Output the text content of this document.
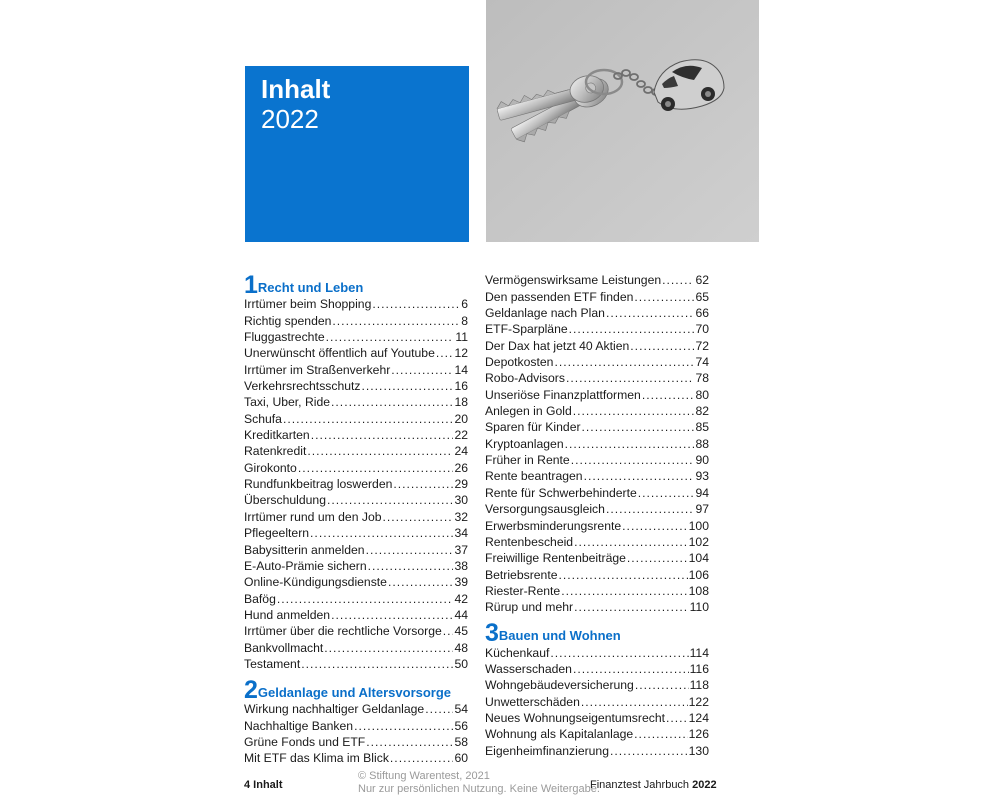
Inhalt
2022
1 Recht und Leben
Irrtümer beim Shopping .....	6
Richtig spenden .....	8
Fluggastrechte .....	11
Unerwünscht öffentlich auf Youtube ..... 12
Irrtümer im Straßenverkehr .....	14
Verkehrsrechtsschutz .....	16
Taxi, Uber, Ride .....	18
Schufa .....	20
Kreditkarten .....	22
Ratenkredit .....	24
Girokonto .....	26
Rundfunkbeitrag loswerden .....	29
Überschuldung .....	30
Irrtümer rund um den Job .....	32
Pflegeeltern .....	34
Babysitterin anmelden .....	37
E-Auto-Prämie sichern .....	38
Online-Kündigungsdienste .....	39
Bafög .....	42
Hund anmelden .....	44
Irrtümer über die rechtliche Vorsorge ..... 45
Bankvollmacht .....	48
Testament .....	50
2 Geldanlage und Altersvorsorge
Wirkung nachhaltiger Geldanlage ..... 54
Nachhaltige Banken .....	56
Grüne Fonds und ETF .....	58
Mit ETF das Klima im Blick .....	60
Vermögenswirksame Leistungen .....	62
Den passenden ETF finden .....	65
Geldanlage nach Plan .....	66
ETF-Sparpläne .....	70
Der Dax hat jetzt 40 Aktien .....	72
Depotkosten .....	74
Robo-Advisors .....	78
Unseriöse Finanzplattformen .....	80
Anlegen in Gold .....	82
Sparen für Kinder .....	85
Kryptoanlagen .....	88
Früher in Rente .....	90
Rente beantragen .....	93
Rente für Schwerbehinderte .....	94
Versorgungsausgleich .....	97
Erwerbsminderungsrente .....	100
Rentenbescheid .....	102
Freiwillige Rentenbeiträge .....	104
Betriebsrente .....	106
Riester-Rente .....	108
Rürup und mehr .....	110
3 Bauen und Wohnen
Küchenkauf .....	114
Wasserschaden .....	116
Wohngebäudeversicherung .....	118
Unwetterschäden .....	122
Neues Wohnungseigentumsrecht ..... 124
Wohnung als Kapitalanlage .....	126
Eigenheimfinanzierung .....	130
4 Inhalt
© Stiftung Warentest, 2021
Nur zur persönlichen Nutzung. Keine Weitergabe.
Finanztest Jahrbuch 2022
